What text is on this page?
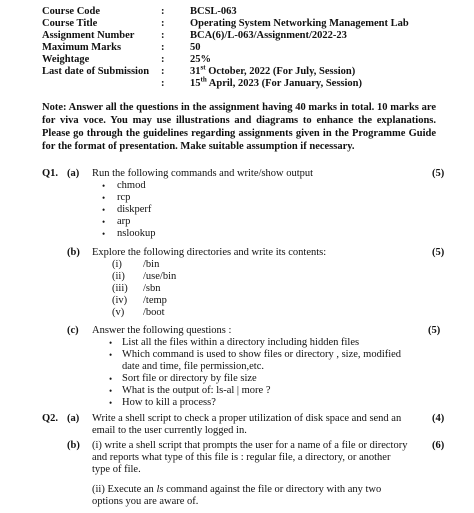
Course Code	: BCSL-063
Course Title	: Operating System Networking Management Lab
Assignment Number	: BCA(6)/L-063/Assignment/2022-23
Maximum Marks	: 50
Weightage	: 25%
Last date of Submission : 31st October, 2022 (For July, Session)
: 15th April, 2023 (For January, Session)
Note: Answer all the questions in the assignment having 40 marks in total. 10 marks are for viva voce. You may use illustrations and diagrams to enhance the explanations. Please go through the guidelines regarding assignments given in the Programme Guide for the format of presentation. Make suitable assumption if necessary.
Q1. (a) Run the following commands and write/show output	(5)
• chmod
• rcp
• diskperf
• arp
• nslookup
(b) Explore the following directories and write its contents:	(5)
(i) /bin
(ii) /use/bin
(iii) /sbn
(iv) /temp
(v) /boot
(c) Answer the following questions :	(5)
• List all the files within a directory including hidden files
• Which command is used to show files or directory , size, modified
date and time, file permission,etc.
• Sort file or directory by file size
• What is the output of: ls-al | more ?
• How to kill a process?
Q2. (a) Write a shell script to check a proper utilization of disk space and send an
email to the user currently logged in.
(4)
(b) (i) write a shell script that prompts the user for a name of a file or directory
and reports what type of this file is : regular file, a directory, or another
type of file.
(6)
(ii) Execute an ls command against the file or directory with any two
options you are aware of.
